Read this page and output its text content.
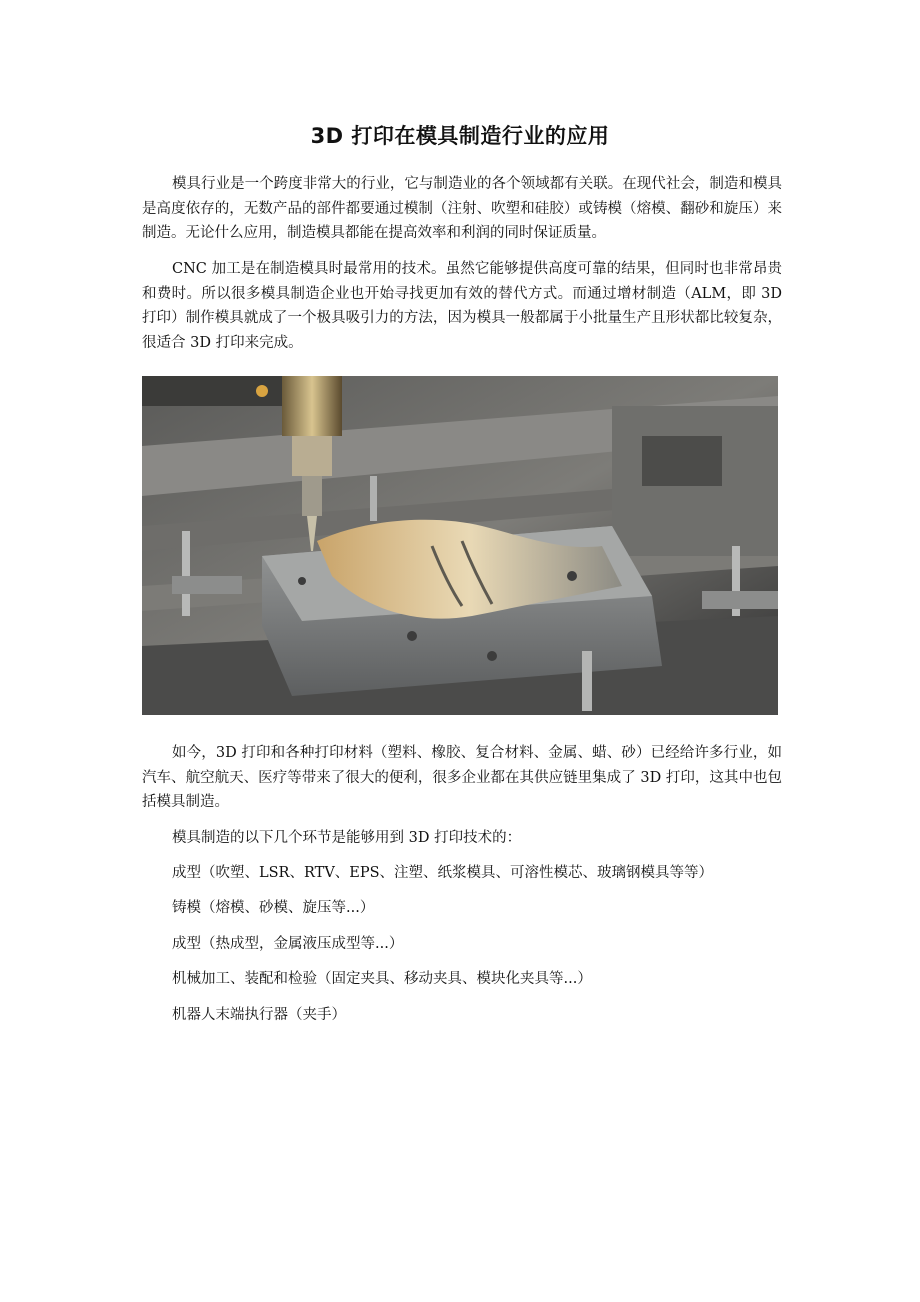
3D 打印在模具制造行业的应用

模具行业是一个跨度非常大的行业，它与制造业的各个领域都有关联。在现代社会，制造和模具是高度依存的，无数产品的部件都要通过模制（注射、吹塑和硅胶）或铸模（熔模、翻砂和旋压）来制造。无论什么应用，制造模具都能在提高效率和利润的同时保证质量。

CNC 加工是在制造模具时最常用的技术。虽然它能够提供高度可靠的结果，但同时也非常昂贵和费时。所以很多模具制造企业也开始寻找更加有效的替代方式。而通过增材制造（ALM，即 3D 打印）制作模具就成了一个极具吸引力的方法，因为模具一般都属于小批量生产且形状都比较复杂，很适合 3D 打印来完成。

如今，3D 打印和各种打印材料（塑料、橡胶、复合材料、金属、蜡、砂）已经给许多行业，如汽车、航空航天、医疗等带来了很大的便利，很多企业都在其供应链里集成了 3D 打印，这其中也包括模具制造。

模具制造的以下几个环节是能够用到 3D 打印技术的：

成型（吹塑、LSR、RTV、EPS、注塑、纸浆模具、可溶性模芯、玻璃钢模具等等）

铸模（熔模、砂模、旋压等...）

成型（热成型，金属液压成型等...）

机械加工、装配和检验（固定夹具、移动夹具、模块化夹具等...）

机器人末端执行器（夹手）
